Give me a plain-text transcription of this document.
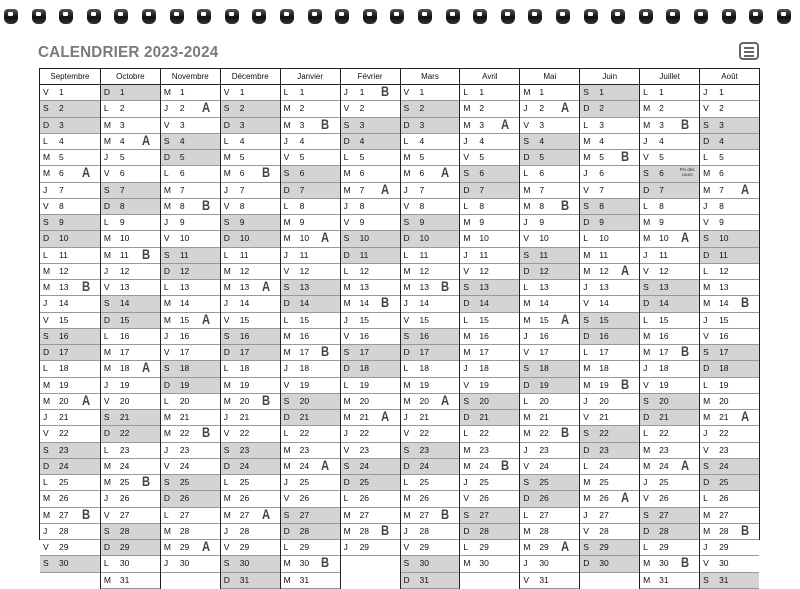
CALENDRIER 2023-2024
Septembre
V 1
S 2
D 3
L 4
M 5
M 6 A
J 7
V 8
S 9
D 10
L 11
M 12
M 13 B
J 14
V 15
S 16
D 17
L 18
M 19
M 20 A
J 21
V 22
S 23
D 24
L 25
M 26
M 27 B
J 28
V 29
S 30
Octobre
D 1
L 2
M 3
M 4 A
J 5
V 6
S 7
D 8
L 9
M 10
M 11 B
J 12
V 13
S 14
D 15
L 16
M 17
M 18 A
J 19
V 20
S 21
D 22
L 23
M 24
M 25 B
J 26
V 27
S 28
D 29
L 30
M 31
Novembre
M 1
J 2 A
V 3
S 4
D 5
L 6
M 7
M 8 B
J 9
V 10
S 11
D 12
L 13
M 14
M 15 A
J 16
V 17
S 18
D 19
L 20
M 21
M 22 B
J 23
V 24
S 25
D 26
L 27
M 28
M 29 A
J 30
Décembre
V 1
S 2
D 3
L 4
M 5
M 6 B
J 7
V 8
S 9
D 10
L 11
M 12
M 13 A
J 14
V 15
S 16
D 17
L 18
M 19
M 20 B
J 21
V 22
S 23
D 24
L 25
M 26
M 27 A
J 28
V 29
S 30
D 31
Janvier
L 1
M 2
M 3 B
J 4
V 5
S 6
D 7
L 8
M 9
M 10 A
J 11
V 12
S 13
D 14
L 15
M 16
M 17 B
J 18
V 19
S 20
D 21
L 22
M 23
M 24 A
J 25
V 26
S 27
D 28
L 29
M 30 B
M 31
Février
J 1 B
V 2
S 3
D 4
L 5
M 6
M 7 A
J 8
V 9
S 10
D 11
L 12
M 13
M 14 B
J 15
V 16
S 17
D 18
L 19
M 20
M 21 A
J 22
V 23
S 24
D 25
L 26
M 27
M 28 B
J 29
Mars
V 1
S 2
D 3
L 4
M 5
M 6 A
J 7
V 8
S 9
D 10
L 11
M 12
M 13 B
J 14
V 15
S 16
D 17
L 18
M 19
M 20 A
J 21
V 22
S 23
D 24
L 25
M 26
M 27 B
J 28
V 29
S 30
D 31
Avril
L 1
M 2
M 3 A
J 4
V 5
S 6
D 7
L 8
M 9
M 10
J 11
V 12
S 13
D 14
L 15
M 16
M 17
J 18
V 19
S 20
D 21
L 22
M 23
M 24 B
J 25
V 26
S 27
D 28
L 29
M 30
Mai
M 1
J 2 A
V 3
S 4
D 5
L 6
M 7
M 8 B
J 9
V 10
S 11
D 12
L 13
M 14
M 15 A
J 16
V 17
S 18
D 19
L 20
M 21
M 22 B
J 23
V 24
S 25
D 26
L 27
M 28
M 29 A
J 30
V 31
Juin
S 1
D 2
L 3
M 4
M 5 B
J 6
V 7
S 8
D 9
L 10
M 11
M 12 A
J 13
V 14
S 15
D 16
L 17
M 18
M 19 B
J 20
V 21
S 22
D 23
L 24
M 25
M 26 A
J 27
V 28
S 29
D 30
Juillet
L 1
M 2
M 3 B
J 4
V 5
S 6	Fin des cours
D 7
L 8
M 9
M 10 A
J 11
V 12
S 13
D 14
L 15
M 16
M 17 B
J 18
V 19
S 20
D 21
L 22
M 23
M 24 A
J 25
V 26
S 27
D 28
L 29
M 30 B
M 31
Août
J 1
V 2
S 3
D 4
L 5
M 6
M 7 A
J 8
V 9
S 10
D 11
L 12
M 13
M 14 B
J 15
V 16
S 17
D 18
L 19
M 20
M 21 A
J 22
V 23
S 24
D 25
L 26
M 27
M 28 B
J 29
V 30
S 31
